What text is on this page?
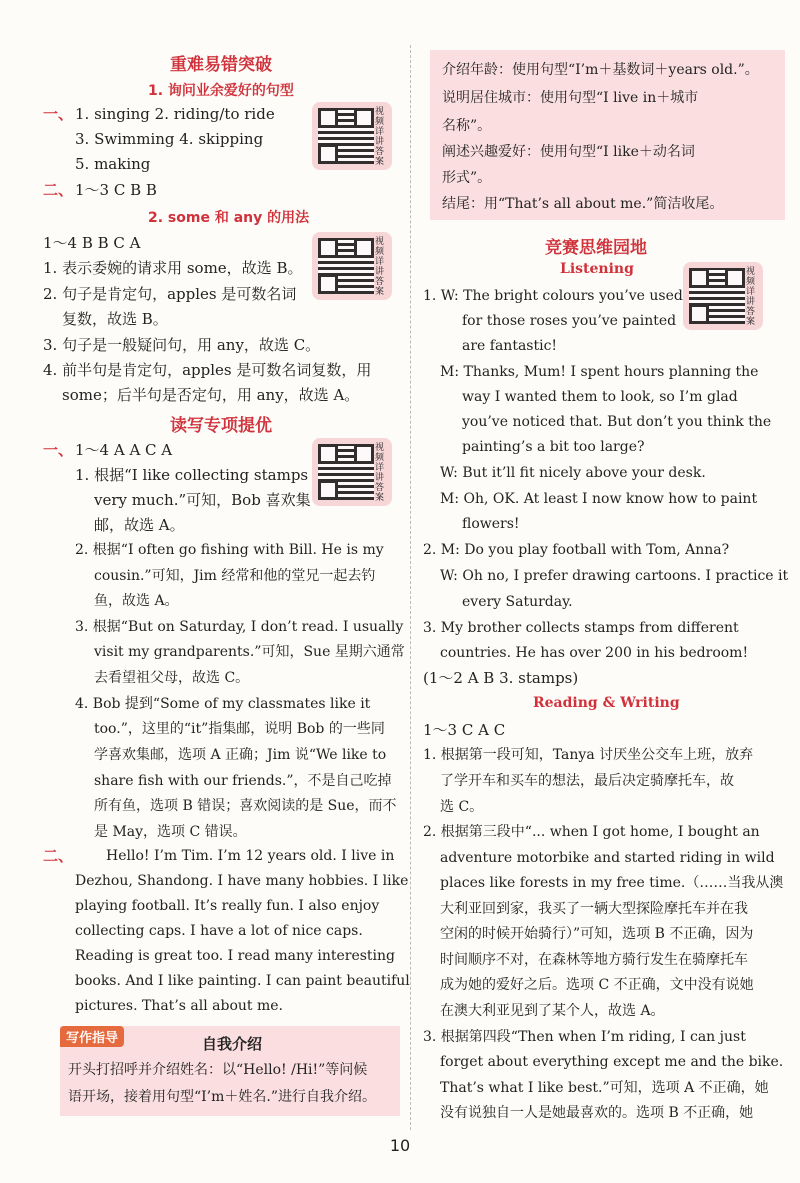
重难易错突破
1. 询问业余爱好的句型
一、 1. singing 2. riding/to ride
3. Swimming 4. skipping
5. making
二、 1～3 C B B
视频详讲答案
2. some 和 any 的用法
1～4 B B C A
1. 表示委婉的请求用 some，故选 B。
2. 句子是肯定句，apples 是可数名词
复数，故选 B。
3. 句子是一般疑问句，用 any，故选 C。
4. 前半句是肯定句，apples 是可数名词复数，用
some；后半句是否定句，用 any，故选 A。
视频详讲答案
读写专项提优
一、 1～4 A A C A
1. 根据“I like collecting stamps
very much.”可知，Bob 喜欢集
邮，故选 A。
视频详讲答案
2. 根据“I often go fishing with Bill. He is my
cousin.”可知，Jim 经常和他的堂兄一起去钓
鱼，故选 A。
3. 根据“But on Saturday, I don’t read. I usually
visit my grandparents.”可知，Sue 星期六通常
去看望祖父母，故选 C。
4. Bob 提到“Some of my classmates like it
too.”，这里的“it”指集邮，说明 Bob 的一些同
学喜欢集邮，选项 A 正确；Jim 说“We like to
share fish with our friends.”，不是自己吃掉
所有鱼，选项 B 错误；喜欢阅读的是 Sue，而不
是 May，选项 C 错误。
二、 Hello! I’m Tim. I’m 12 years old. I live in
Dezhou, Shandong. I have many hobbies. I like
playing football. It’s really fun. I also enjoy
collecting caps. I have a lot of nice caps.
Reading is great too. I read many interesting
books. And I like painting. I can paint beautiful
pictures. That’s all about me.
写作指导	自我介绍
开头打招呼并介绍姓名：以“Hello! /Hi!”等问候
语开场，接着用句型“I’m＋姓名.”进行自我介绍。
介绍年龄：使用句型“I’m＋基数词＋years old.”。
说明居住城市：使用句型“I live in＋城市
名称”。
阐述兴趣爱好：使用句型“I like＋动名词
形式”。
结尾：用“That’s all about me.”简洁收尾。
竞赛思维园地
Listening	视频详讲答案
1. W: The bright colours you’ve used
for those roses you’ve painted
are fantastic!
M: Thanks, Mum! I spent hours planning the
way I wanted them to look, so I’m glad
you’ve noticed that. But don’t you think the
painting’s a bit too large?
W: But it’ll fit nicely above your desk.
M: Oh, OK. At least I now know how to paint
flowers!
2. M: Do you play football with Tom, Anna?
W: Oh no, I prefer drawing cartoons. I practice it
every Saturday.
3. My brother collects stamps from different
countries. He has over 200 in his bedroom!
(1～2 A B 3. stamps)
Reading & Writing
1～3 C A C
1. 根据第一段可知，Tanya 讨厌坐公交车上班，放弃
了学开车和买车的想法，最后决定骑摩托车，故
选 C。
2. 根据第三段中“... when I got home, I bought an
adventure motorbike and started riding in wild
places like forests in my free time.（……当我从澳
大利亚回到家，我买了一辆大型探险摩托车并在我
空闲的时候开始骑行）”可知，选项 B 不正确，因为
时间顺序不对，在森林等地方骑行发生在骑摩托车
成为她的爱好之后。选项 C 不正确，文中没有说她
在澳大利亚见到了某个人，故选 A。
3. 根据第四段“Then when I’m riding, I can just
forget about everything except me and the bike.
That’s what I like best.”可知，选项 A 不正确，她
没有说独自一人是她最喜欢的。选项 B 不正确，她
10
